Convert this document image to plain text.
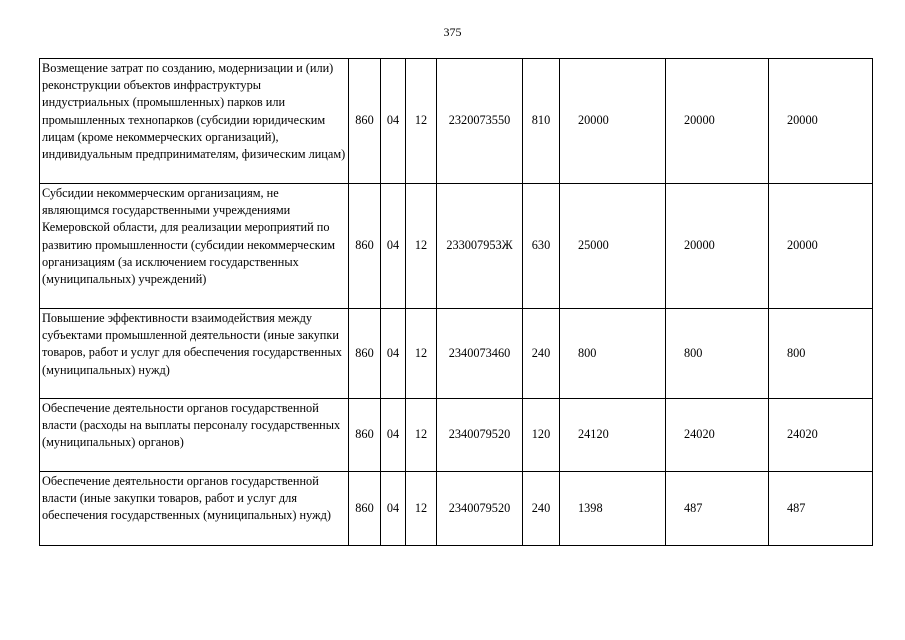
375
Возмещение затрат по созданию, модернизации и (или) реконструкции объектов инфраструктуры индустриальных (промышленных) парков или промышленных технопарков (субсидии юридическим лицам (кроме некоммерческих организаций), индивидуальным предпринимателям, физическим лицам)	860	04	12	2320073550	810	20000	20000	20000
Субсидии некоммерческим организациям, не являющимся государственными учреждениями Кемеровской области, для реализации мероприятий по развитию промышленности (субсидии некоммерческим организациям (за исключением государственных (муниципальных) учреждений)	860	04	12	233007953Ж	630	25000	20000	20000
Повышение эффективности взаимодействия между субъектами промышленной деятельности (иные закупки товаров, работ и услуг для обеспечения государственных (муниципальных) нужд)	860	04	12	2340073460	240	800	800	800
Обеспечение деятельности органов государственной власти (расходы на выплаты персоналу государственных (муниципальных) органов)	860	04	12	2340079520	120	24120	24020	24020
Обеспечение деятельности органов государственной власти (иные закупки товаров, работ и услуг для обеспечения государственных (муниципальных) нужд)	860	04	12	2340079520	240	1398	487	487
